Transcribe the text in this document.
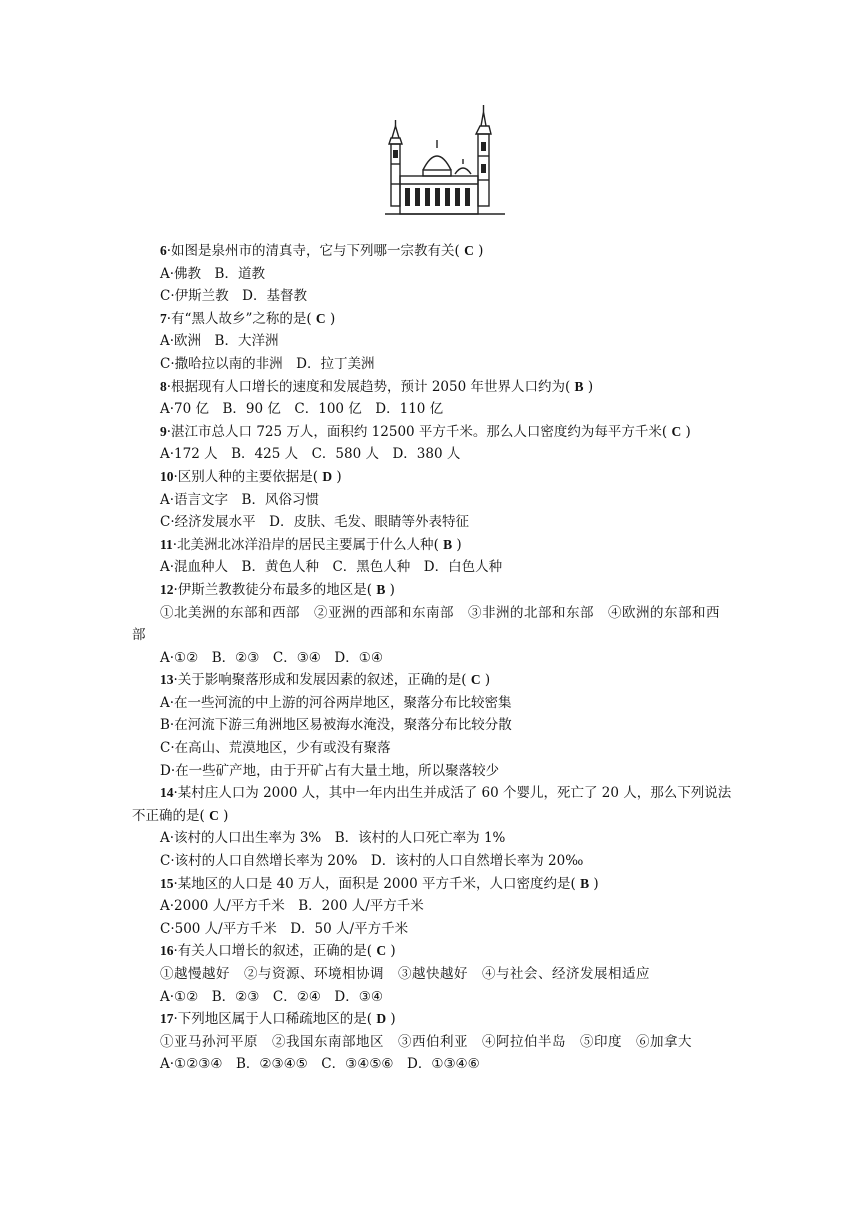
6·如图是泉州市的清真寺，它与下列哪一宗教有关( C )

A·佛教　B．道教

C·伊斯兰教　D．基督教

7·有“黑人故乡”之称的是( C )

A·欧洲　B．大洋洲

C·撒哈拉以南的非洲　D．拉丁美洲

8·根据现有人口增长的速度和发展趋势，预计 2050 年世界人口约为( B )

A·70 亿　B．90 亿　C．100 亿　D．110 亿

9·湛江市总人口 725 万人，面积约 12500 平方千米。那么人口密度约为每平方千米( C )

A·172 人　B．425 人　C．580 人　D．380 人

10·区别人种的主要依据是( D )

A·语言文字　B．风俗习惯

C·经济发展水平　D．皮肤、毛发、眼睛等外表特征

11·北美洲北冰洋沿岸的居民主要属于什么人种( B )

A·混血种人　B．黄色人种　C．黑色人种　D．白色人种

12·伊斯兰教教徒分布最多的地区是( B )

①北美洲的东部和西部　②亚洲的西部和东南部　③非洲的北部和东部　④欧洲的东部和西部

A·①②　B．②③　C．③④　D．①④

13·关于影响聚落形成和发展因素的叙述，正确的是( C )

A·在一些河流的中上游的河谷两岸地区，聚落分布比较密集

B·在河流下游三角洲地区易被海水淹没，聚落分布比较分散

C·在高山、荒漠地区，少有或没有聚落

D·在一些矿产地，由于开矿占有大量土地，所以聚落较少

14·某村庄人口为 2000 人，其中一年内出生并成活了 60 个婴儿，死亡了 20 人，那么下列说法不正确的是( C )

A·该村的人口出生率为 3%　B．该村的人口死亡率为 1%

C·该村的人口自然增长率为 20%　D．该村的人口自然增长率为 20‰

15·某地区的人口是 40 万人，面积是 2000 平方千米，人口密度约是( B )

A·2000 人/平方千米　B．200 人/平方千米

C·500 人/平方千米　D．50 人/平方千米

16·有关人口增长的叙述，正确的是( C )

①越慢越好　②与资源、环境相协调　③越快越好　④与社会、经济发展相适应

A·①②　B．②③　C．②④　D．③④

17·下列地区属于人口稀疏地区的是( D )

①亚马孙河平原　②我国东南部地区　③西伯利亚　④阿拉伯半岛　⑤印度　⑥加拿大

A·①②③④　B．②③④⑤　C．③④⑤⑥　D．①③④⑥
